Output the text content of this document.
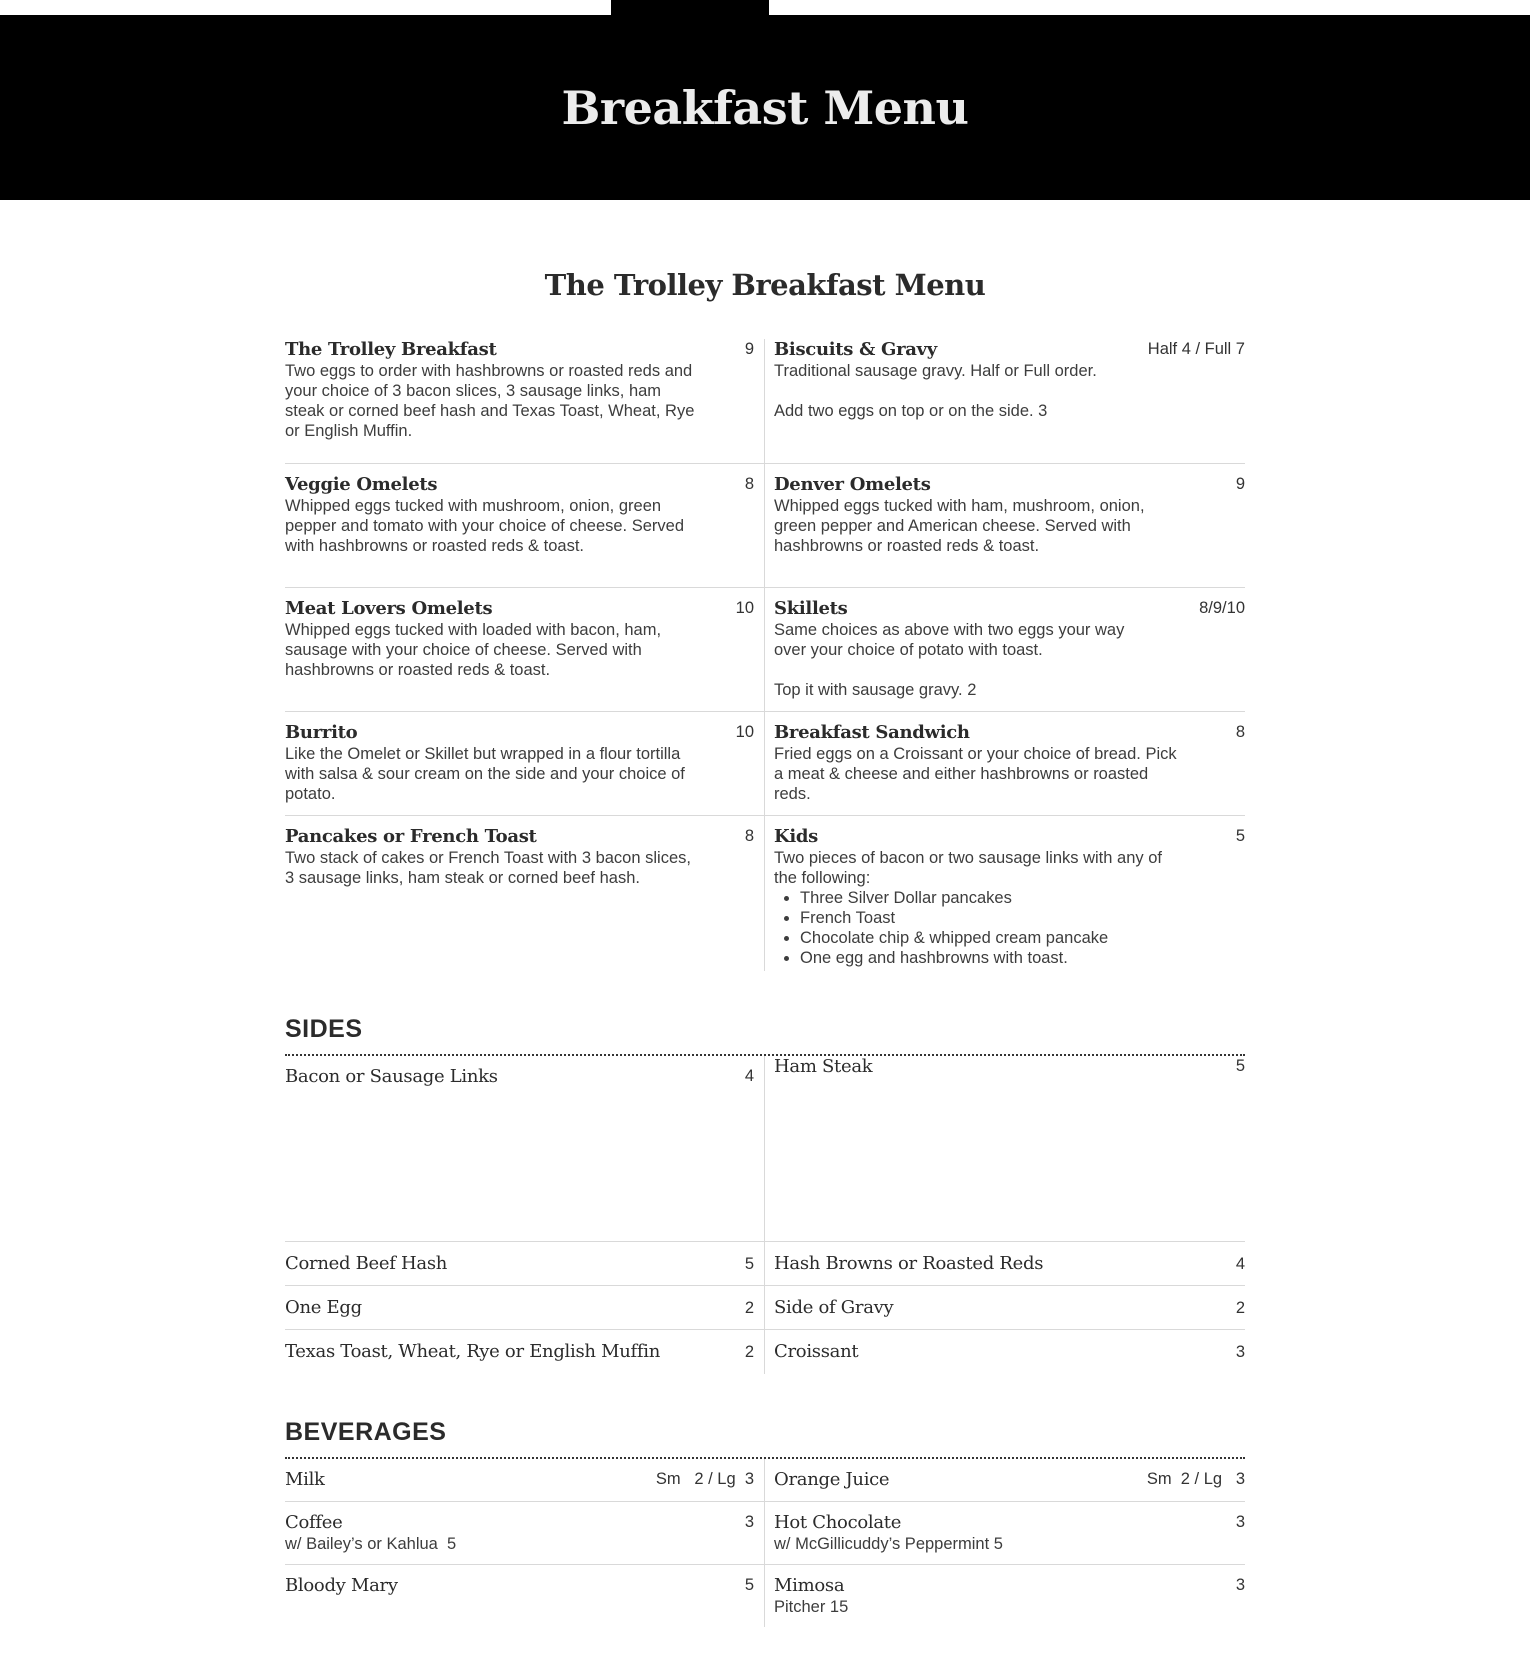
Breakfast Menu
The Trolley Breakfast Menu
The Trolley Breakfast
Two eggs to order with hashbrowns or roasted reds and your choice of 3 bacon slices, 3 sausage links, ham steak or corned beef hash and Texas Toast, Wheat, Rye or English Muffin.
9
Veggie Omelets
Whipped eggs tucked with mushroom, onion, green pepper and tomato with your choice of cheese. Served with hashbrowns or roasted reds & toast.
8
Meat Lovers Omelets
Whipped eggs tucked with loaded with bacon, ham, sausage with your choice of cheese. Served with hashbrowns or roasted reds & toast.
10
Burrito
Like the Omelet or Skillet but wrapped in a flour tortilla with salsa & sour cream on the side and your choice of potato.
10
Pancakes or French Toast
Two stack of cakes or French Toast with 3 bacon slices, 3 sausage links, ham steak or corned beef hash.
8
Biscuits & Gravy
Traditional sausage gravy. Half or Full order.
Add two eggs on top or on the side. 3
Half 4 / Full 7
Denver Omelets
Whipped eggs tucked with ham, mushroom, onion, green pepper and American cheese. Served with hashbrowns or roasted reds & toast.
9
Skillets
Same choices as above with two eggs your way over your choice of potato with toast.
Top it with sausage gravy. 2
8/9/10
Breakfast Sandwich
Fried eggs on a Croissant or your choice of bread. Pick a meat & cheese and either hashbrowns or roasted reds.
8
Kids
Two pieces of bacon or two sausage links with any of the following:
• Three Silver Dollar pancakes
• French Toast
• Chocolate chip & whipped cream pancake
• One egg and hashbrowns with toast.
5
SIDES
Bacon or Sausage Links	4
Corned Beef Hash	5
One Egg	2
Texas Toast, Wheat, Rye or English Muffin	2
Ham Steak	5
Hash Browns or Roasted Reds	4
Side of Gravy	2
Croissant	3
BEVERAGES
Milk	Sm   2 / Lg  3
Coffee
w/ Bailey’s or Kahlua  5
3
Bloody Mary	5
Orange Juice	Sm  2 / Lg   3
Hot Chocolate
w/ McGillicuddy’s Peppermint 5
3
Mimosa
Pitcher 15
3
